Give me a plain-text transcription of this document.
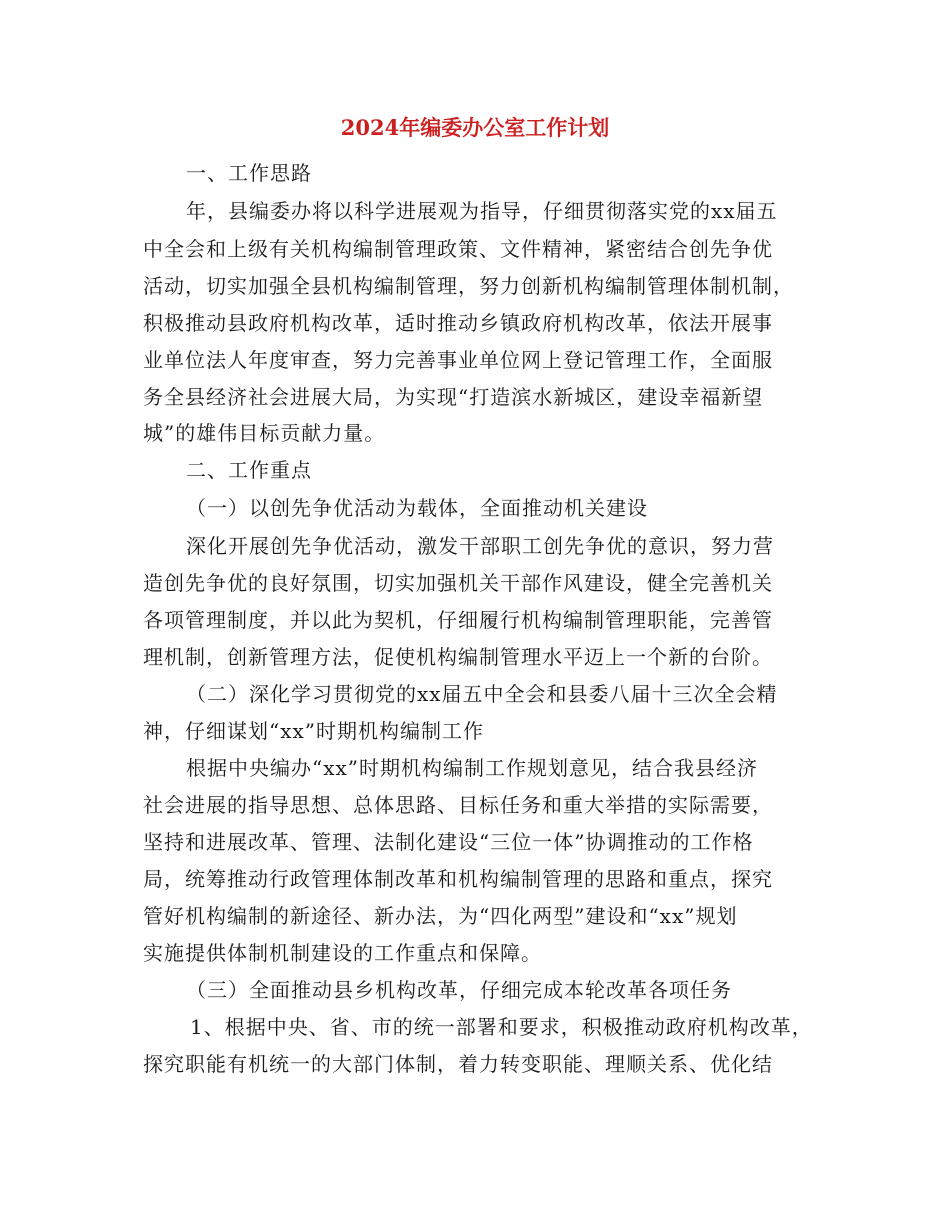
2024年编委办公室工作计划
一、工作思路
年，县编委办将以科学进展观为指导，仔细贯彻落实党的xx届五
中全会和上级有关机构编制管理政策、文件精神，紧密结合创先争优
活动，切实加强全县机构编制管理，努力创新机构编制管理体制机制，
积极推动县政府机构改革，适时推动乡镇政府机构改革，依法开展事
业单位法人年度审查，努力完善事业单位网上登记管理工作，全面服
务全县经济社会进展大局，为实现“打造滨水新城区，建设幸福新望
城”的雄伟目标贡献力量。
二、工作重点
（一）以创先争优活动为载体，全面推动机关建设
深化开展创先争优活动，激发干部职工创先争优的意识，努力营
造创先争优的良好氛围，切实加强机关干部作风建设，健全完善机关
各项管理制度，并以此为契机，仔细履行机构编制管理职能，完善管
理机制，创新管理方法，促使机构编制管理水平迈上一个新的台阶。
（二）深化学习贯彻党的xx届五中全会和县委八届十三次全会精
神，仔细谋划“xx”时期机构编制工作
根据中央编办“xx”时期机构编制工作规划意见，结合我县经济
社会进展的指导思想、总体思路、目标任务和重大举措的实际需要，
坚持和进展改革、管理、法制化建设“三位一体”协调推动的工作格
局，统筹推动行政管理体制改革和机构编制管理的思路和重点，探究
管好机构编制的新途径、新办法，为“四化两型”建设和“xx”规划
实施提供体制机制建设的工作重点和保障。
（三）全面推动县乡机构改革，仔细完成本轮改革各项任务
1、根据中央、省、市的统一部署和要求，积极推动政府机构改革，
探究职能有机统一的大部门体制，着力转变职能、理顺关系、优化结
